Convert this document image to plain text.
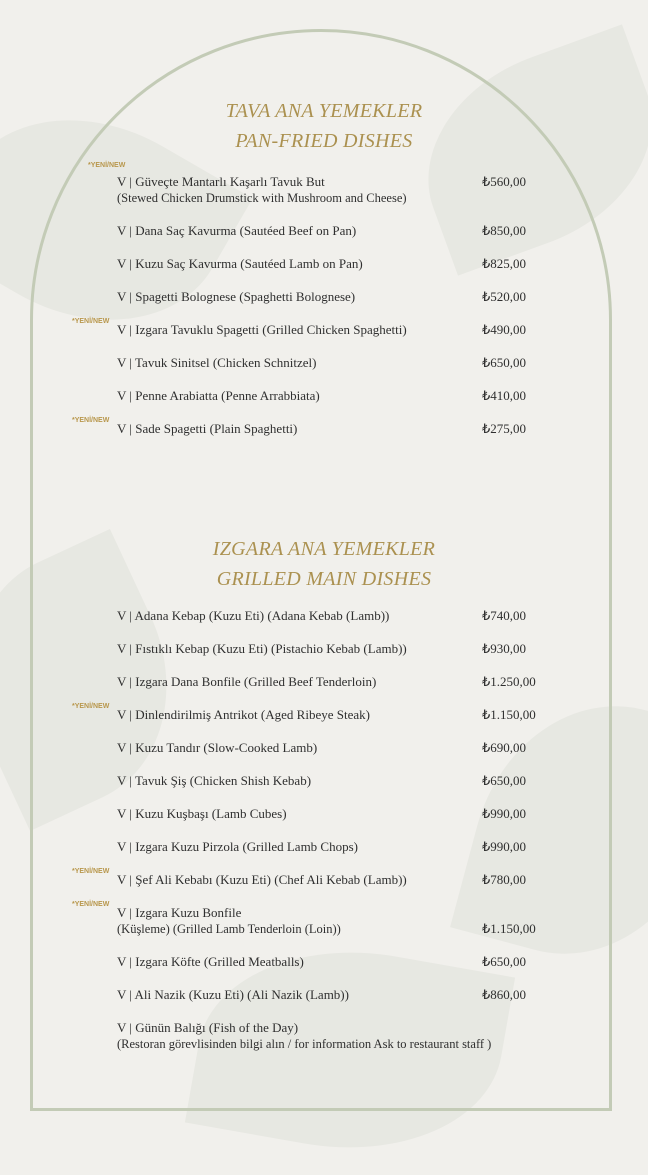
TAVA ANA YEMEKLER
PAN-FRIED DISHES
*YENİ/NEW
V | Güveçte Mantarlı Kaşarlı Tavuk But
(Stewed Chicken Drumstick with Mushroom and Cheese)
₺560,00
V | Dana Saç Kavurma (Sautéed Beef on Pan)	₺850,00
V | Kuzu Saç Kavurma (Sautéed Lamb on Pan)	₺825,00
V | Spagetti Bolognese (Spaghetti Bolognese)	₺520,00
*YENİ/NEW
V | Izgara Tavuklu Spagetti (Grilled Chicken Spaghetti)	₺490,00
V | Tavuk Sinitsel (Chicken Schnitzel)	₺650,00
V | Penne Arabiatta (Penne Arrabbiata)	₺410,00
*YENİ/NEW
V | Sade Spagetti (Plain Spaghetti)	₺275,00
IZGARA ANA YEMEKLER
GRILLED MAIN DISHES
V | Adana Kebap (Kuzu Eti) (Adana Kebab (Lamb))	₺740,00
V | Fıstıklı Kebap (Kuzu Eti) (Pistachio Kebab (Lamb))	₺930,00
V | Izgara Dana Bonfile (Grilled Beef Tenderloin)	₺1.250,00
*YENİ/NEW
V | Dinlendirilmiş Antrikot (Aged Ribeye Steak)	₺1.150,00
V | Kuzu Tandır (Slow-Cooked Lamb)	₺690,00
V | Tavuk Şiş (Chicken Shish Kebab)	₺650,00
V | Kuzu Kuşbaşı (Lamb Cubes)	₺990,00
V | Izgara Kuzu Pirzola (Grilled Lamb Chops)	₺990,00
*YENİ/NEW
V | Şef Ali Kebabı (Kuzu Eti) (Chef Ali Kebab (Lamb))	₺780,00
*YENİ/NEW
V | Izgara Kuzu Bonfile
(Küşleme) (Grilled Lamb Tenderloin (Loin))	₺1.150,00
V | Izgara Köfte (Grilled Meatballs)	₺650,00
V | Ali Nazik (Kuzu Eti) (Ali Nazik (Lamb))	₺860,00
V | Günün Balığı (Fish of the Day)
(Restoran görevlisinden bilgi alın / for information Ask to restaurant staff )
